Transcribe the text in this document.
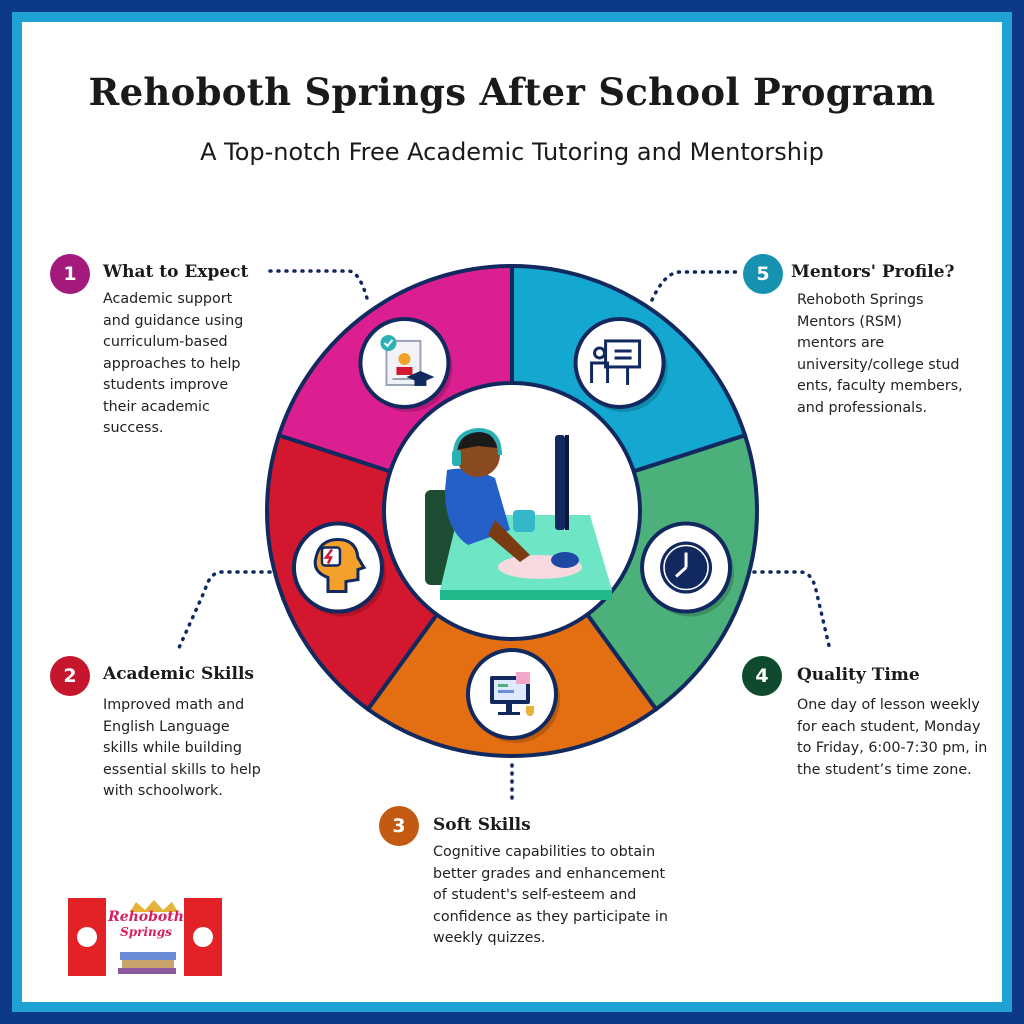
Rehoboth Springs After School Program
A Top-notch Free Academic Tutoring and Mentorship
1	What to Expect
Academic support
and guidance using
curriculum-based
approaches to help
students improve
their academic
success.
2	Academic Skills
Improved math and
English Language
skills while building
essential skills to help
with schoolwork.
3	Soft Skills
Cognitive capabilities to obtain
better grades and enhancement
of student's self-esteem and
confidence as they participate in
weekly quizzes.
4	Quality Time
One day of lesson weekly
for each student, Monday
to Friday, 6:00-7:30 pm, in
the student’s time zone.
5	Mentors' Profile?
Rehoboth Springs
Mentors (RSM)
mentors are
university/college stud
ents, faculty members,
and professionals.
Rehoboth
Springs
